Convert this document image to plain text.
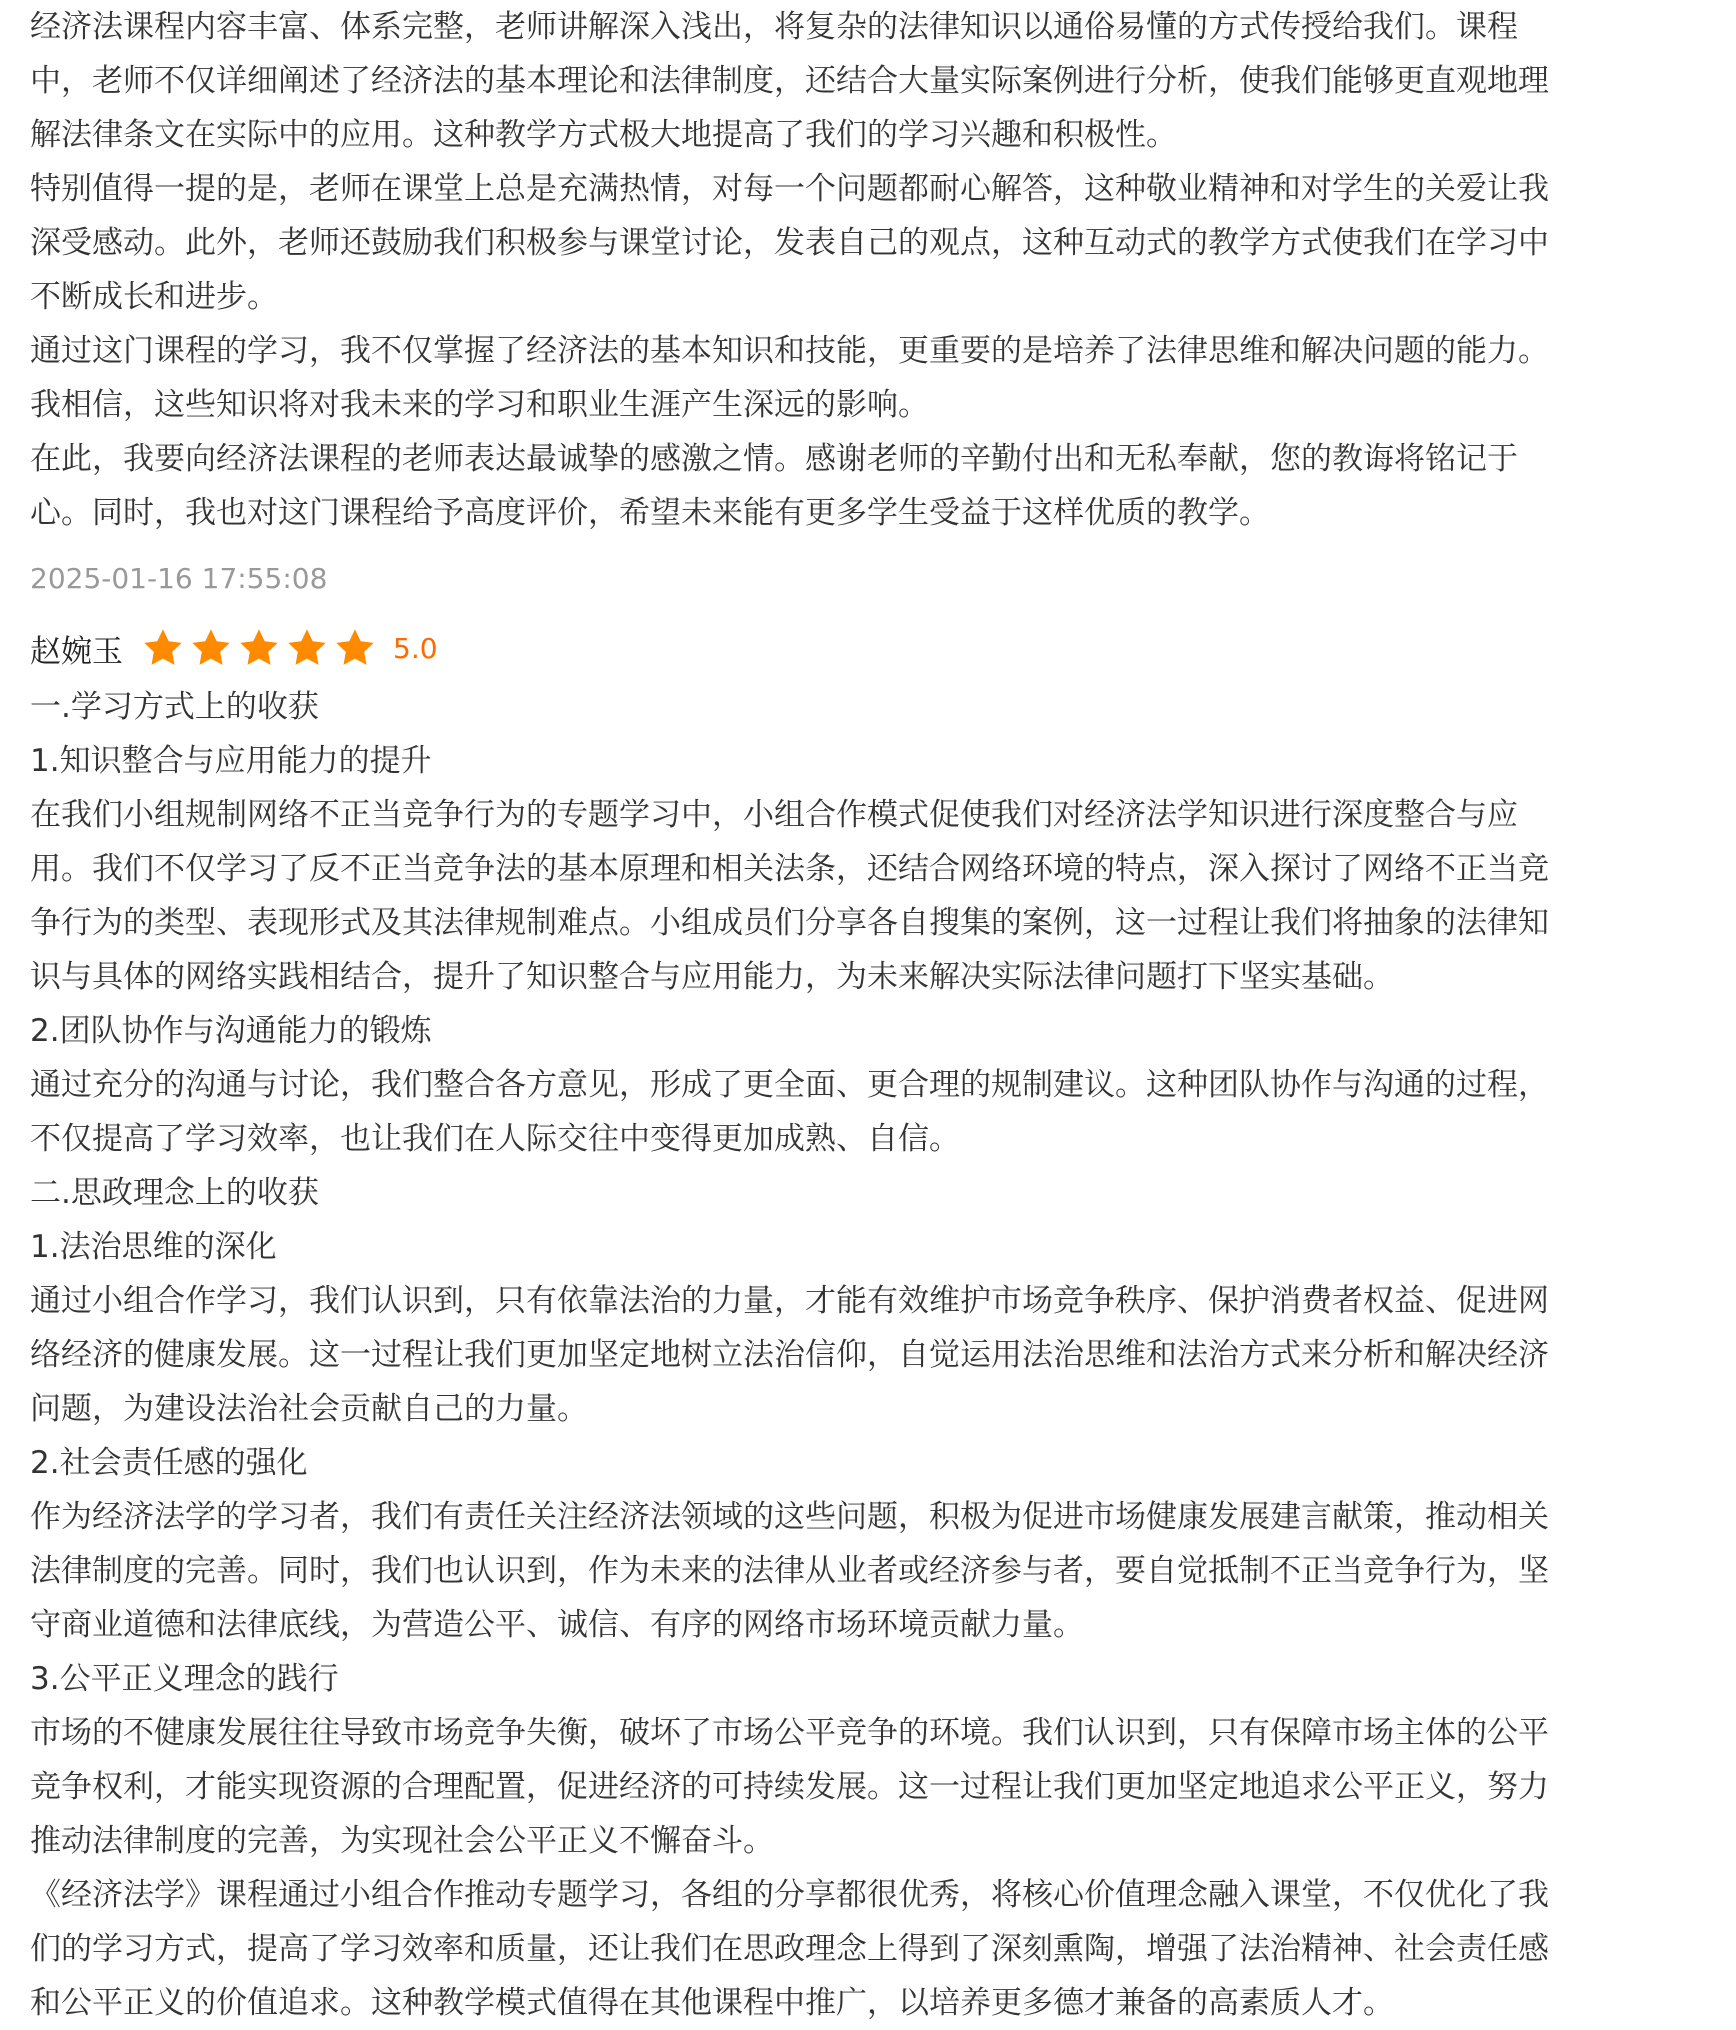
经济法课程内容丰富、体系完整，老师讲解深入浅出，将复杂的法律知识以通俗易懂的方式传授给我们。课程中，老师不仅详细阐述了经济法的基本理论和法律制度，还结合大量实际案例进行分析，使我们能够更直观地理解法律条文在实际中的应用。这种教学方式极大地提高了我们的学习兴趣和积极性。

特别值得一提的是，老师在课堂上总是充满热情，对每一个问题都耐心解答，这种敬业精神和对学生的关爱让我深受感动。此外，老师还鼓励我们积极参与课堂讨论，发表自己的观点，这种互动式的教学方式使我们在学习中不断成长和进步。

通过这门课程的学习，我不仅掌握了经济法的基本知识和技能，更重要的是培养了法律思维和解决问题的能力。我相信，这些知识将对我未来的学习和职业生涯产生深远的影响。

在此，我要向经济法课程的老师表达最诚挚的感激之情。感谢老师的辛勤付出和无私奉献，您的教诲将铭记于心。同时，我也对这门课程给予高度评价，希望未来能有更多学生受益于这样优质的教学。

2025-01-16 17:55:08
赵婉玉	5.0

一.学习方式上的收获

1.知识整合与应用能力的提升

在我们小组规制网络不正当竞争行为的专题学习中，小组合作模式促使我们对经济法学知识进行深度整合与应用。我们不仅学习了反不正当竞争法的基本原理和相关法条，还结合网络环境的特点，深入探讨了网络不正当竞争行为的类型、表现形式及其法律规制难点。小组成员们分享各自搜集的案例，这一过程让我们将抽象的法律知识与具体的网络实践相结合，提升了知识整合与应用能力，为未来解决实际法律问题打下坚实基础。

2.团队协作与沟通能力的锻炼

通过充分的沟通与讨论，我们整合各方意见，形成了更全面、更合理的规制建议。这种团队协作与沟通的过程，不仅提高了学习效率，也让我们在人际交往中变得更加成熟、自信。

二.思政理念上的收获

1.法治思维的深化

通过小组合作学习，我们认识到，只有依靠法治的力量，才能有效维护市场竞争秩序、保护消费者权益、促进网络经济的健康发展。这一过程让我们更加坚定地树立法治信仰，自觉运用法治思维和法治方式来分析和解决经济问题，为建设法治社会贡献自己的力量。

2.社会责任感的强化

作为经济法学的学习者，我们有责任关注经济法领域的这些问题，积极为促进市场健康发展建言献策，推动相关法律制度的完善。同时，我们也认识到，作为未来的法律从业者或经济参与者，要自觉抵制不正当竞争行为，坚守商业道德和法律底线，为营造公平、诚信、有序的网络市场环境贡献力量。

3.公平正义理念的践行

市场的不健康发展往往导致市场竞争失衡，破坏了市场公平竞争的环境。我们认识到，只有保障市场主体的公平竞争权利，才能实现资源的合理配置，促进经济的可持续发展。这一过程让我们更加坚定地追求公平正义，努力推动法律制度的完善，为实现社会公平正义不懈奋斗。

《经济法学》课程通过小组合作推动专题学习，各组的分享都很优秀，将核心价值理念融入课堂，不仅优化了我们的学习方式，提高了学习效率和质量，还让我们在思政理念上得到了深刻熏陶，增强了法治精神、社会责任感和公平正义的价值追求。这种教学模式值得在其他课程中推广，以培养更多德才兼备的高素质人才。
